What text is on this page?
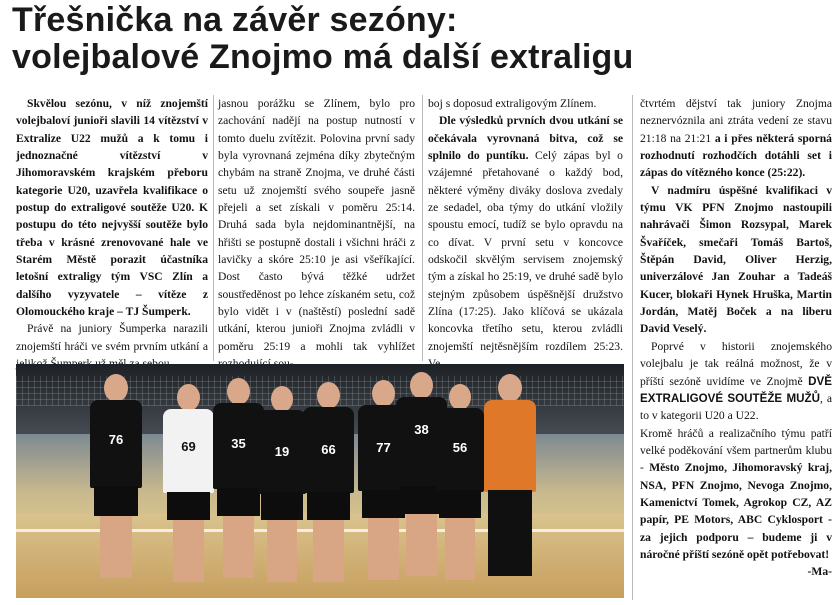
Třešnička na závěr sezóny:
volejbalové Znojmo má další extraligu

Skvělou sezónu, v níž znojemští volejbaloví junioři slavili 14 vítězství v Extralize U22 mužů a k tomu i jednoznačné vítězství v Jihomoravském krajském přeboru kategorie U20, uzavřela kvalifikace o postup do extraligové soutěže U20. K postupu do této nejvyšší soutěže bylo třeba v krásné zrenovované hale ve Starém Městě porazit účastníka letošní extraligy tým VSC Zlín a dalšího vyzyvatele – vítěze z Olomouckého kraje – TJ Šumperk.

Právě na juniory Šumperka narazili znojemští hráči ve svém prvním utkání a

jasnou porážku se Zlínem, bylo pro zachování nadějí na postup nutností v tomto duelu zvítězit. Polovina první sady byla vyrovnaná zejména díky zbytečným chybám na straně Znojma, ve druhé části setu už znojemští svého soupeře jasně přejeli a set získali v poměru 25:14. Druhá sada byla nejdominantnější, na hřišti se postupně dostali i všichni hráči z lavičky a skóre 25:10 je asi všeříkající. Dost často bývá těžké udržet soustředěnost po lehce získaném setu, což bylo vidět i v (naštěstí) poslední sadě utkání, kterou junioři Znojma zvládli v poměru 25:19 a mohli tak vyhlížet

boj s doposud extraligovým Zlínem.

Dle výsledků prvních dvou utkání se očekávala vyrovnaná bitva, což se splnilo do puntíku. Celý zápas byl o vzájemné přetahované o každý bod, některé výměny diváky doslova zvedaly ze sedadel, oba týmy do utkání vložily spoustu emocí, tudíž se bylo opravdu na co dívat. V první setu v koncovce odskočil skvělým servisem znojemský tým a získal ho 25:19, ve druhé sadě bylo stejným způsobem úspěšnější družstvo Zlína (17:25). Jako klíčová se ukázala koncovka třetího setu, kterou zvládli znojemští nejtěsnějším rozdílem 25:23.

čtvrtém dějství tak juniory Znojma neznervóznila ani ztráta vedení ze stavu 21:18 na 21:21 a i přes některá sporná rozhodnutí rozhodčích dotáhli set i zápas do vítězného konce (25:22).

V nadmíru úspěšné kvalifikaci v týmu VK PFN Znojmo nastoupili nahrávači Šimon Rozsypal, Marek Švaříček, smečaři Tomáš Bartoš, Štěpán David, Oliver Herzig, univerzálové Jan Zouhar a Tadeáš Kucer, blokaři Hynek Hruška, Martin Jordán, Matěj Boček a na liberu David Veselý.

Poprvé v historii znojemského volejbalu je tak reálná možnost, že v příští sezóně uvidíme ve Znojmě DVĚ EXTRALIGOVÉ SOUTĚŽE MUŽŮ, a to v kategorii U20 a U22.

Kromě hráčů a realizačního týmu patří velké poděkování všem partnerům klubu - Město Znojmo, Jihomoravský kraj, NSA, PFN Znojmo, Nevoga Znojmo, Kamenictví Tomek, Agrokop CZ, AZ papír, PE Motors, ABC Cyklosport - za jejich podporu – budeme ji v náročné příští sezóně opět potřebovat!

-Ma-

76	69	35
19	66	77
38
56
